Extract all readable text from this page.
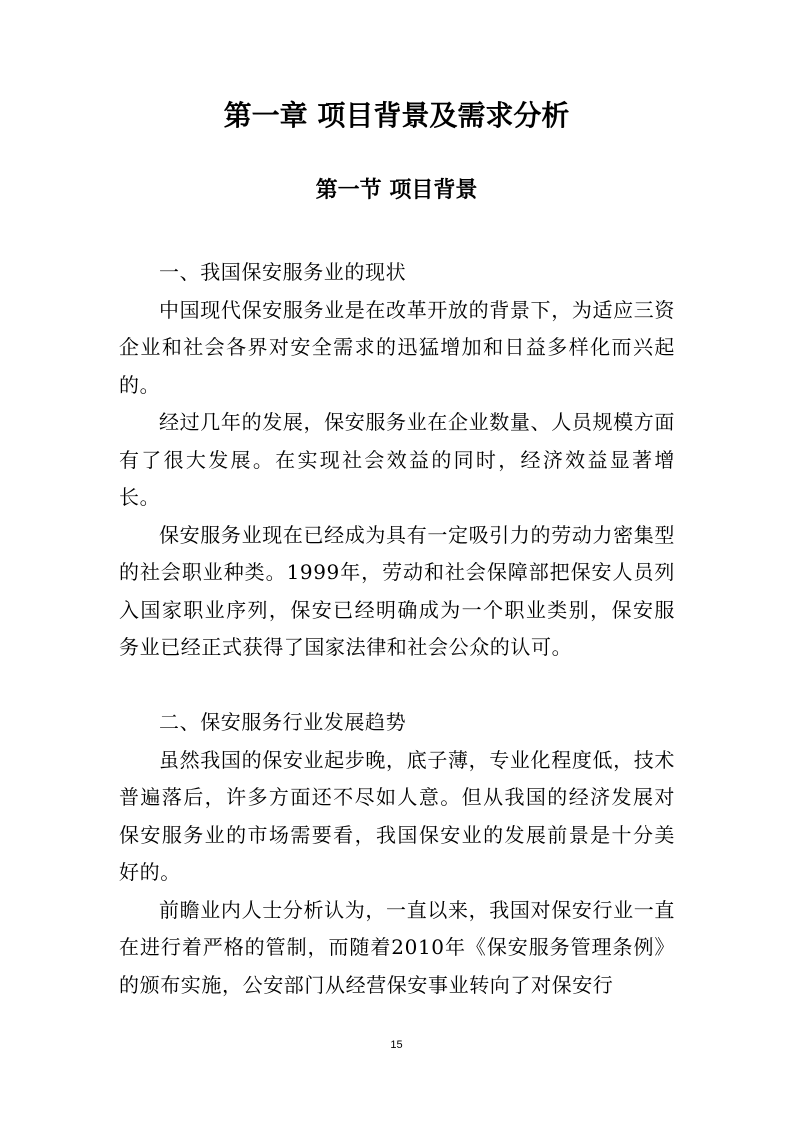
第一章 项目背景及需求分析
第一节 项目背景

一、我国保安服务业的现状

中国现代保安服务业是在改革开放的背景下，为适应三资企业和社会各界对安全需求的迅猛增加和日益多样化而兴起的。

经过几年的发展，保安服务业在企业数量、人员规模方面有了很大发展。在实现社会效益的同时，经济效益显著增长。

保安服务业现在已经成为具有一定吸引力的劳动力密集型的社会职业种类。1999年，劳动和社会保障部把保安人员列入国家职业序列，保安已经明确成为一个职业类别，保安服务业已经正式获得了国家法律和社会公众的认可。

二、保安服务行业发展趋势

虽然我国的保安业起步晚，底子薄，专业化程度低，技术普遍落后，许多方面还不尽如人意。但从我国的经济发展对保安服务业的市场需要看，我国保安业的发展前景是十分美好的。

前瞻业内人士分析认为，一直以来，我国对保安行业一直在进行着严格的管制，而随着2010年《保安服务管理条例》的颁布实施，公安部门从经营保安事业转向了对保安行

15
